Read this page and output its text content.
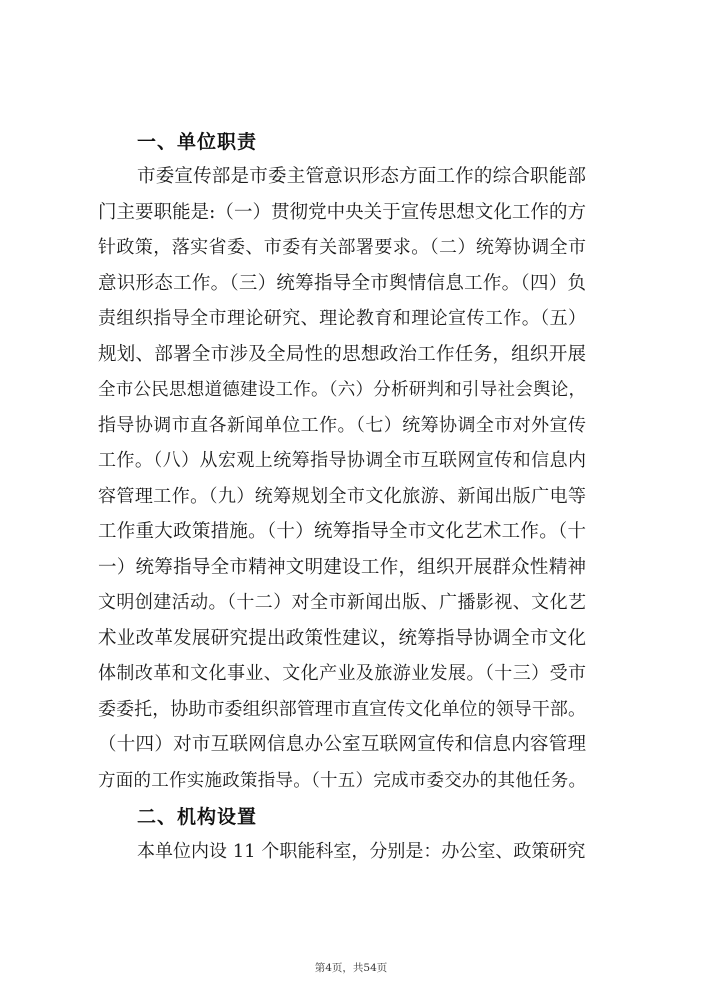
一、单位职责
市委宣传部是市委主管意识形态方面工作的综合职能部
门主要职能是:（一）贯彻党中央关于宣传思想文化工作的方
针政策，落实省委、市委有关部署要求。（二）统筹协调全市
意识形态工作。（三）统筹指导全市舆情信息工作。（四）负
责组织指导全市理论研究、理论教育和理论宣传工作。（五）
规划、部署全市涉及全局性的思想政治工作任务，组织开展
全市公民思想道德建设工作。（六）分析研判和引导社会舆论，
指导协调市直各新闻单位工作。（七）统筹协调全市对外宣传
工作。（八）从宏观上统筹指导协调全市互联网宣传和信息内
容管理工作。（九）统筹规划全市文化旅游、新闻出版广电等
工作重大政策措施。（十）统筹指导全市文化艺术工作。（十
一）统筹指导全市精神文明建设工作，组织开展群众性精神
文明创建活动。（十二）对全市新闻出版、广播影视、文化艺
术业改革发展研究提出政策性建议，统筹指导协调全市文化
体制改革和文化事业、文化产业及旅游业发展。（十三）受市
委委托，协助市委组织部管理市直宣传文化单位的领导干部。
（十四）对市互联网信息办公室互联网宣传和信息内容管理
方面的工作实施政策指导。（十五）完成市委交办的其他任务。
二、机构设置
本单位内设 11 个职能科室，分别是：办公室、政策研究
第4页，共54页
